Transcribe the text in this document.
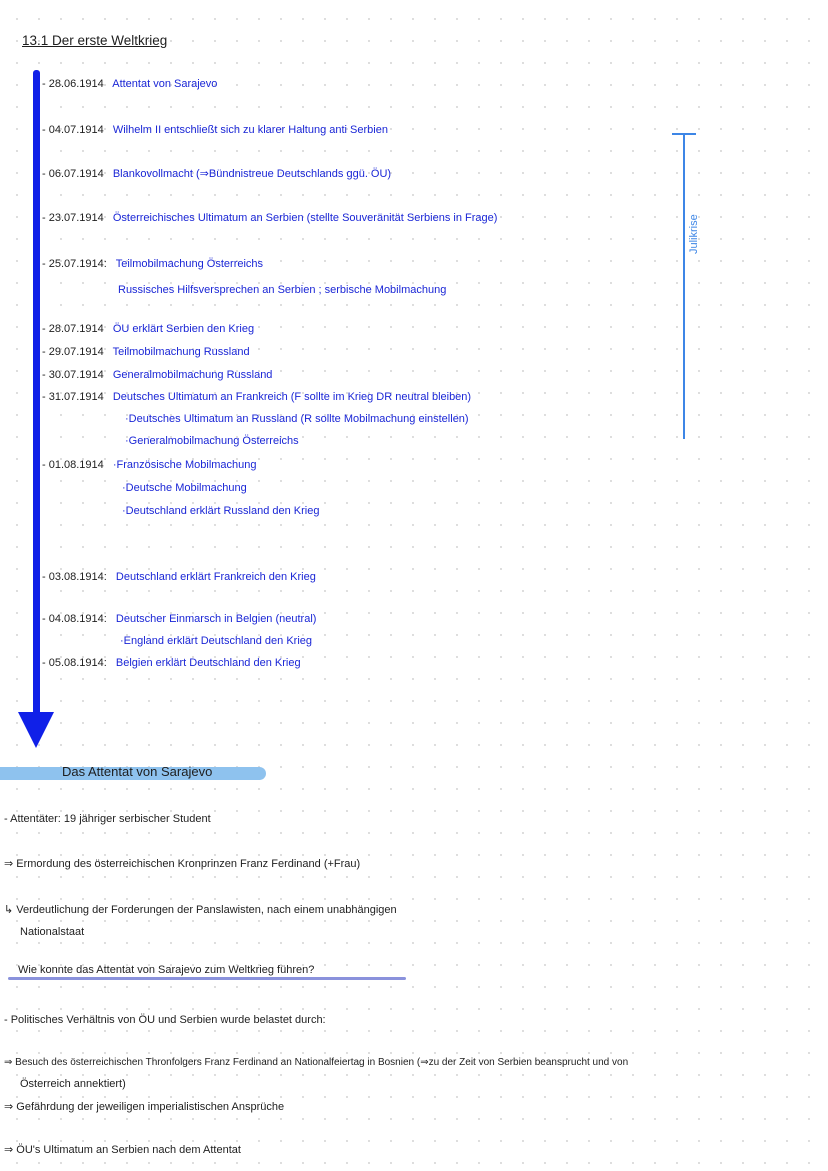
13.1 Der erste Weltkrieg
- 28.06.1914 Attentat von Sarajevo
- 04.07.1914 Wilhelm II entschließt sich zu klarer Haltung anti Serbien
- 06.07.1914 Blankovollmacht (⇒Bündnistreue Deutschlands ggü. ÖU)
- 23.07.1914 Österreichisches Ultimatum an Serbien (stellte Souveränität Serbiens in Frage)
- 25.07.1914: Teilmobilmachung Österreichs
Russisches Hilfsversprechen an Serbien ; serbische Mobilmachung
- 28.07.1914 ÖU erklärt Serbien den Krieg
- 29.07.1914 Teilmobilmachung Russland
- 30.07.1914 Generalmobilmachung Russland
- 31.07.1914 Deutsches Ultimatum an Frankreich (F sollte im Krieg DR neutral bleiben)
·Deutsches Ultimatum an Russland (R sollte Mobilmachung einstellen)
·Generalmobilmachung Österreichs
- 01.08.1914 ·Französische Mobilmachung
·Deutsche Mobilmachung
·Deutschland erklärt Russland den Krieg
- 03.08.1914: Deutschland erklärt Frankreich den Krieg
- 04.08.1914: Deutscher Einmarsch in Belgien (neutral)
·England erklärt Deutschland den Krieg
- 05.08.1914: Belgien erklärt Deutschland den Krieg
Julikrise
Das Attentat von Sarajevo
- Attentäter: 19 jähriger serbischer Student
⇒ Ermordung des österreichischen Kronprinzen Franz Ferdinand (+Frau)
↳ Verdeutlichung der Forderungen der Panslawisten, nach einem unabhängigen
Nationalstaat
Wie konnte das Attentat von Sarajevo zum Weltkrieg führen?
- Politisches Verhältnis von ÖU und Serbien wurde belastet durch:
⇒ Besuch des österreichischen Thronfolgers Franz Ferdinand an Nationalfeiertag in Bosnien (⇒zu der Zeit von Serbien beansprucht und von
Österreich annektiert)
⇒ Gefährdung der jeweiligen imperialistischen Ansprüche
⇒ ÖU's Ultimatum an Serbien nach dem Attentat
